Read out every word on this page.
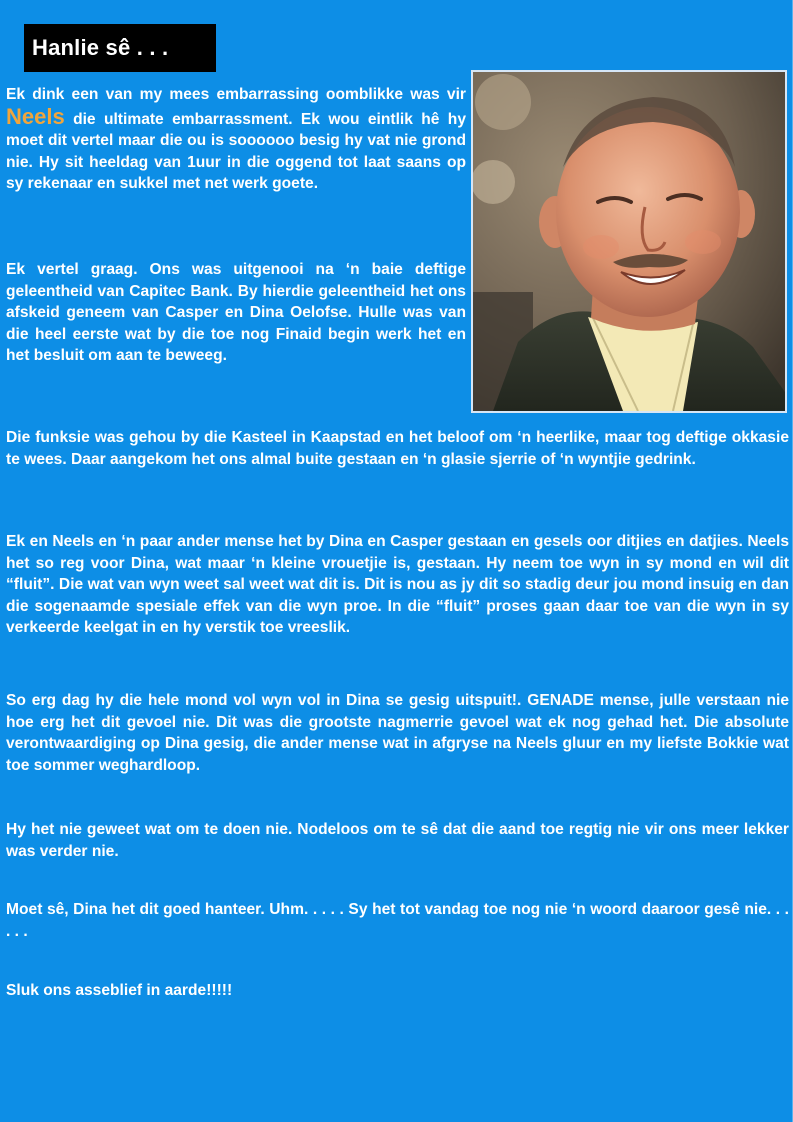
Hanlie sê . . .

Ek dink een van my mees embarrassing oomblikke was vir Neels die ultimate embarrassment. Ek wou eintlik hê hy moet dit vertel maar die ou is soooooo besig hy vat nie grond nie. Hy sit heeldag van 1uur in die oggend tot laat saans op sy rekenaar en sukkel met net werk goete.

Ek vertel graag. Ons was uitgenooi na ‘n baie deftige geleentheid van Capitec Bank. By hierdie geleentheid het ons afskeid geneem van Casper en Dina Oelofse. Hulle was van die heel eerste wat by die toe nog Finaid begin werk het en het besluit om aan te beweeg.

Die funksie was gehou by die Kasteel in Kaapstad en het beloof om ‘n heerlike, maar tog deftige okkasie te wees. Daar aangekom het ons almal buite gestaan en ‘n glasie sjerrie of ‘n wyntjie gedrink.

Ek en Neels en ‘n paar ander mense het by Dina en Casper gestaan en gesels oor ditjies en datjies. Neels het so reg voor Dina, wat maar ‘n kleine vrouetjie is, gestaan. Hy neem toe wyn in sy mond en wil dit “fluit”. Die wat van wyn weet sal weet wat dit is. Dit is nou as jy dit so stadig deur jou mond insuig en dan die sogenaamde spesiale effek van die wyn proe. In die “fluit” proses gaan daar toe van die wyn in sy verkeerde keelgat in en hy verstik toe vreeslik.

So erg dag hy die hele mond vol wyn vol in Dina se gesig uitspuit!. GENADE mense, julle verstaan nie hoe erg het dit gevoel nie. Dit was die grootste nagmerrie gevoel wat ek nog gehad het. Die absolute verontwaardiging op Dina gesig, die ander mense wat in afgryse na Neels gluur en my liefste Bokkie wat toe sommer weghardloop.

Hy het nie geweet wat om te doen nie. Nodeloos om te sê dat die aand toe regtig nie vir ons meer lekker was verder nie.

Moet sê, Dina het dit goed hanteer. Uhm. . . . . Sy het tot vandag toe nog nie ‘n woord daaroor gesê nie. . . . . .

Sluk ons asseblief in aarde!!!!!
